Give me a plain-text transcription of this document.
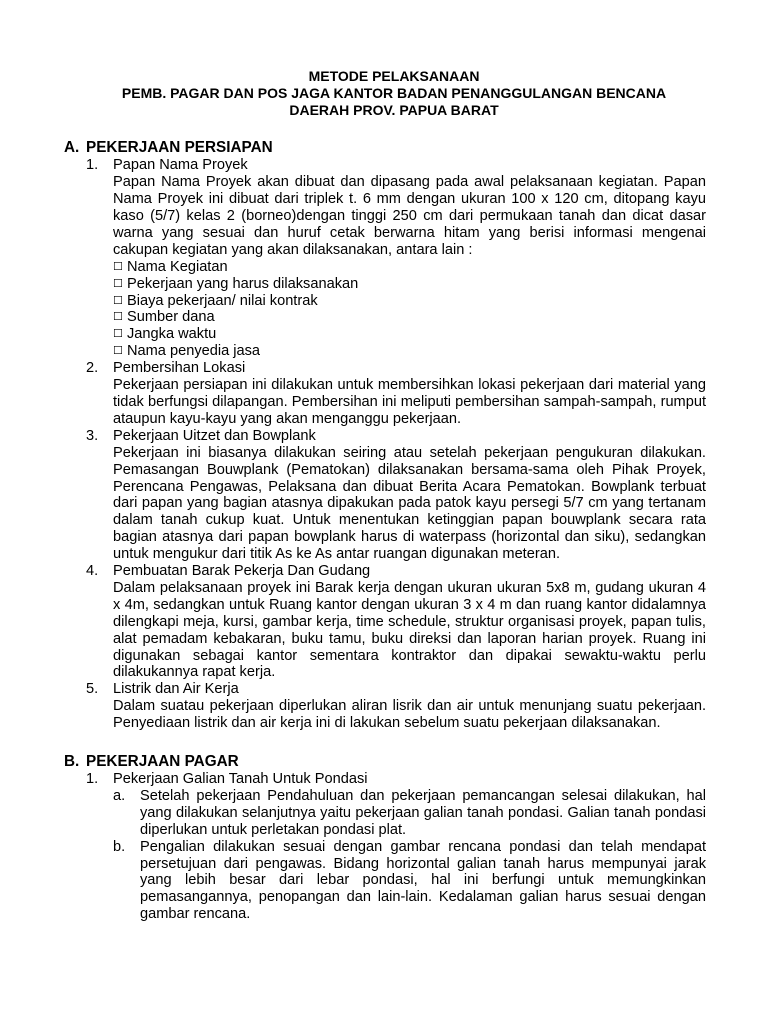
METODE PELAKSANAAN
PEMB. PAGAR DAN POS JAGA KANTOR BADAN PENANGGULANGAN BENCANA
DAERAH PROV. PAPUA BARAT
A. PEKERJAAN PERSIAPAN
1.	Papan Nama Proyek
Papan Nama Proyek akan dibuat dan dipasang pada awal pelaksanaan kegiatan. Papan Nama Proyek ini dibuat dari triplek t. 6 mm dengan ukuran 100 x 120 cm, ditopang kayu kaso (5/7) kelas 2 (borneo)dengan tinggi 250 cm dari permukaan tanah dan dicat dasar warna yang sesuai dan huruf cetak berwarna hitam yang berisi informasi mengenai cakupan kegiatan yang akan dilaksanakan, antara lain :
☐ Nama Kegiatan
☐ Pekerjaan yang harus dilaksanakan
☐ Biaya pekerjaan/ nilai kontrak
☐ Sumber dana
☐ Jangka waktu
☐ Nama penyedia jasa
2.	Pembersihan Lokasi
Pekerjaan persiapan ini dilakukan untuk membersihkan lokasi pekerjaan dari material yang tidak berfungsi dilapangan. Pembersihan ini meliputi pembersihan sampah-sampah, rumput ataupun kayu-kayu yang akan menganggu pekerjaan.
3.	Pekerjaan Uitzet dan Bowplank
Pekerjaan ini biasanya dilakukan seiring atau setelah pekerjaan pengukuran dilakukan. Pemasangan Bouwplank (Pematokan) dilaksanakan bersama-sama oleh Pihak Proyek, Perencana Pengawas, Pelaksana dan dibuat Berita Acara Pematokan. Bowplank terbuat dari papan yang bagian atasnya dipakukan pada patok kayu persegi 5/7 cm yang tertanam dalam tanah cukup kuat. Untuk menentukan ketinggian papan bouwplank secara rata bagian atasnya dari papan bowplank harus di waterpass (horizontal dan siku), sedangkan untuk mengukur dari titik As ke As antar ruangan digunakan meteran.
4.	Pembuatan Barak Pekerja Dan Gudang
Dalam pelaksanaan proyek ini Barak kerja dengan ukuran ukuran 5x8 m, gudang ukuran 4 x 4m, sedangkan untuk Ruang kantor dengan ukuran 3 x 4 m dan ruang kantor didalamnya dilengkapi meja, kursi, gambar kerja, time schedule, struktur organisasi proyek, papan tulis, alat pemadam kebakaran, buku tamu, buku direksi dan laporan harian proyek. Ruang ini digunakan sebagai kantor sementara kontraktor dan dipakai sewaktu-waktu perlu dilakukannya rapat kerja.
5.	Listrik dan Air Kerja
Dalam suatau pekerjaan diperlukan aliran lisrik dan air untuk menunjang suatu pekerjaan. Penyediaan listrik dan air kerja ini di lakukan sebelum suatu pekerjaan dilaksanakan.
B. PEKERJAAN PAGAR
1.	Pekerjaan Galian Tanah Untuk Pondasi
a.	Setelah pekerjaan Pendahuluan dan pekerjaan pemancangan selesai dilakukan, hal yang dilakukan selanjutnya yaitu pekerjaan galian tanah pondasi. Galian tanah pondasi diperlukan untuk perletakan pondasi plat.
b.	Pengalian dilakukan sesuai dengan gambar rencana pondasi dan telah mendapat persetujuan dari pengawas. Bidang horizontal galian tanah harus mempunyai jarak yang lebih besar dari lebar pondasi, hal ini berfungi untuk memungkinkan pemasangannya, penopangan dan lain-lain. Kedalaman galian harus sesuai dengan gambar rencana.
